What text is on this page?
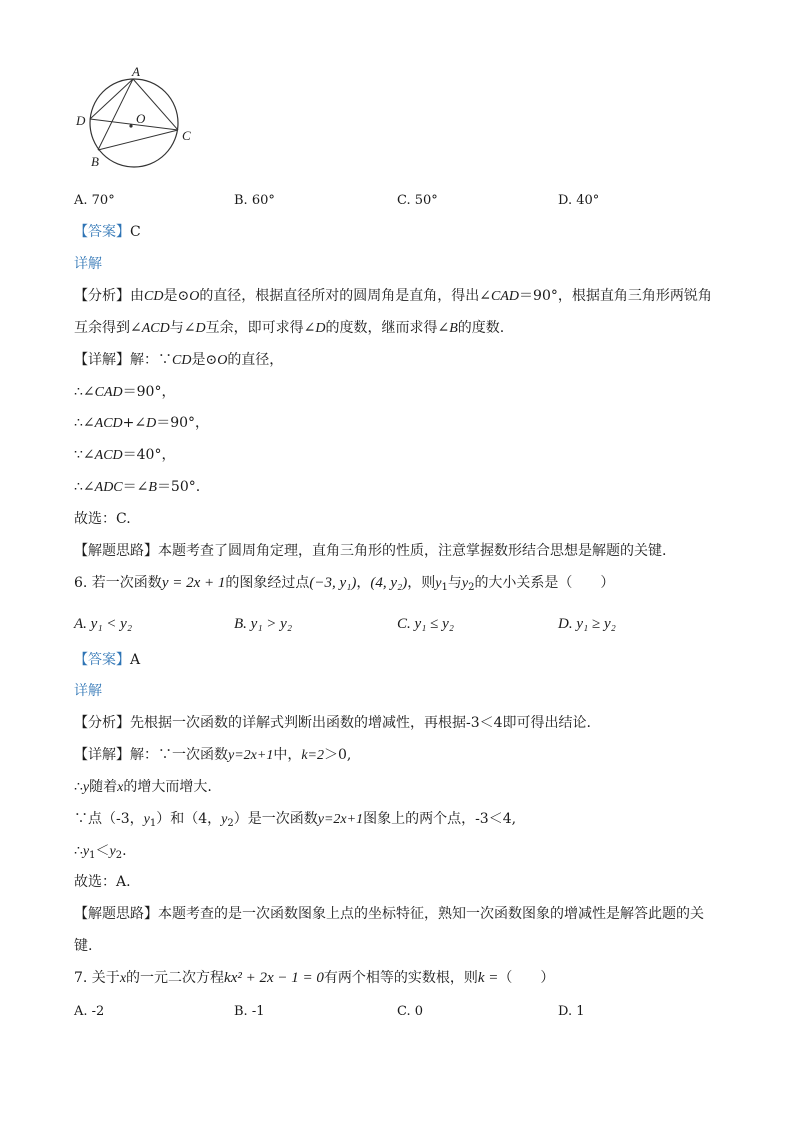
A
D	O
C
B
A. 70°	B. 60°	C. 50°	D. 40°
【答案】C
详解
【分析】由CD是⊙O的直径，根据直径所对的圆周角是直角，得出∠CAD＝90°，根据直角三角形两锐角
互余得到∠ACD与∠D互余，即可求得∠D的度数，继而求得∠B的度数.
【详解】解：∵CD是⊙O的直径，
∴∠CAD＝90°，
∴∠ACD+∠D＝90°，
∵∠ACD＝40°，
∴∠ADC＝∠B＝50°.
故选：C.
【解题思路】本题考查了圆周角定理，直角三角形的性质，注意掌握数形结合思想是解题的关键.
6. 若一次函数y = 2x + 1的图象经过点(−3, y₁)，(4, y₂)，则$y_1$与$y_2$的大小关系是（　　）
A. y₁ < y₂	B. y₁ > y₂	C. y₁ ≤ y₂	D. y₁ ≥ y₂
【答案】A
详解
【分析】先根据一次函数的详解式判断出函数的增减性，再根据-3＜4即可得出结论.
【详解】解：∵一次函数y=2x+1中，k=2＞0,
∴y随着x的增大而增大.
∵点（-3，$y_1$）和（4，$y_2$）是一次函数y=2x+1图象上的两个点，-3＜4,
$\therefore y_1<y_2$.
故选：A.
【解题思路】本题考查的是一次函数图象上点的坐标特征，熟知一次函数图象的增减性是解答此题的关
键.
7. 关于x的一元二次方程kx² + 2x − 1 = 0有两个相等的实数根，则k =（　　）
A. -2	B. -1	C. 0	D. 1
